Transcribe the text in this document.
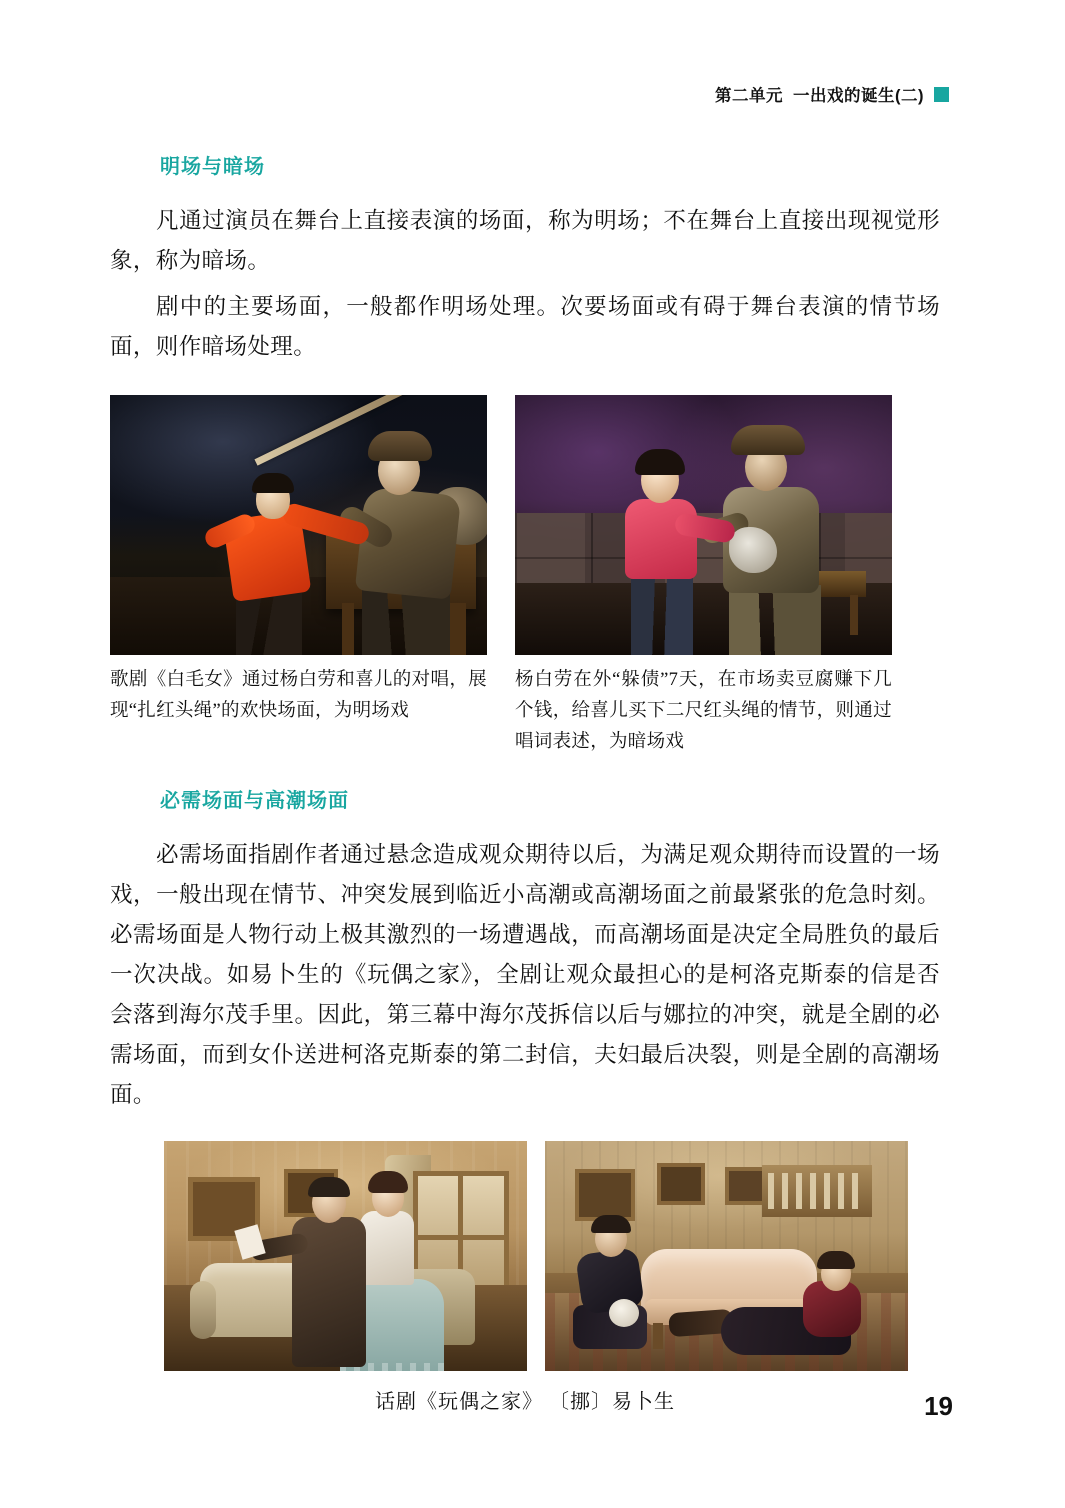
第二单元 一出戏的诞生(二)
明场与暗场

凡通过演员在舞台上直接表演的场面，称为明场；不在舞台上直接出现视觉形象，称为暗场。

剧中的主要场面，一般都作明场处理。次要场面或有碍于舞台表演的情节场面，则作暗场处理。

歌剧《白毛女》通过杨白劳和喜儿的对唱，展现“扎红头绳”的欢快场面，为明场戏
杨白劳在外“躲债”7天，在市场卖豆腐赚下几个钱，给喜儿买下二尺红头绳的情节，则通过唱词表述，为暗场戏
必需场面与高潮场面

必需场面指剧作者通过悬念造成观众期待以后，为满足观众期待而设置的一场戏，一般出现在情节、冲突发展到临近小高潮或高潮场面之前最紧张的危急时刻。必需场面是人物行动上极其激烈的一场遭遇战，而高潮场面是决定全局胜负的最后一次决战。如易卜生的《玩偶之家》，全剧让观众最担心的是柯洛克斯泰的信是否会落到海尔茂手里。因此，第三幕中海尔茂拆信以后与娜拉的冲突，就是全剧的必需场面，而到女仆送进柯洛克斯泰的第二封信，夫妇最后决裂，则是全剧的高潮场面。

话剧《玩偶之家》 〔挪〕易卜生	19
